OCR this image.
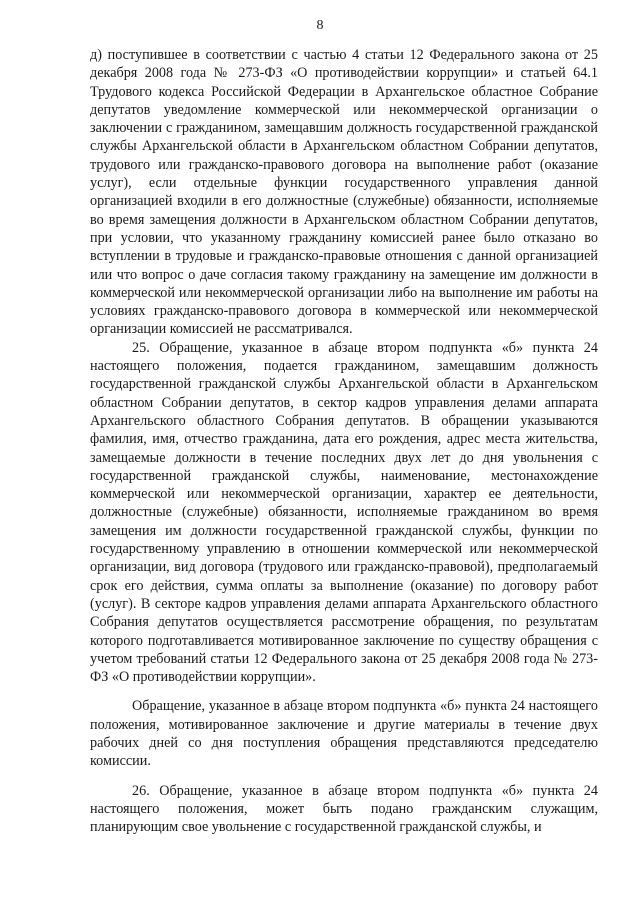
8

д) поступившее в соответствии с частью 4 статьи 12 Федерального закона от 25 декабря 2008 года № 273-ФЗ «О противодействии коррупции» и статьей 64.1 Трудового кодекса Российской Федерации в Архангельское областное Собрание депутатов уведомление коммерческой или некоммерческой организации о заключении с гражданином, замещавшим должность государственной гражданской службы Архангельской области в Архангельском областном Собрании депутатов, трудового или гражданско-правового договора на выполнение работ (оказание услуг), если отдельные функции государственного управления данной организацией входили в его должностные (служебные) обязанности, исполняемые во время замещения должности в Архангельском областном Собрании депутатов, при условии, что указанному гражданину комиссией ранее было отказано во вступлении в трудовые и гражданско-правовые отношения с данной организацией или что вопрос о даче согласия такому гражданину на замещение им должности в коммерческой или некоммерческой организации либо на выполнение им работы на условиях гражданско-правового договора в коммерческой или некоммерческой организации комиссией не рассматривался.

25. Обращение, указанное в абзаце втором подпункта «б» пункта 24 настоящего положения, подается гражданином, замещавшим должность государственной гражданской службы Архангельской области в Архангельском областном Собрании депутатов, в сектор кадров управления делами аппарата Архангельского областного Собрания депутатов. В обращении указываются фамилия, имя, отчество гражданина, дата его рождения, адрес места жительства, замещаемые должности в течение последних двух лет до дня увольнения с государственной гражданской службы, наименование, местонахождение коммерческой или некоммерческой организации, характер ее деятельности, должностные (служебные) обязанности, исполняемые гражданином во время замещения им должности государственной гражданской службы, функции по государственному управлению в отношении коммерческой или некоммерческой организации, вид договора (трудового или гражданско-правовой), предполагаемый срок его действия, сумма оплаты за выполнение (оказание) по договору работ (услуг). В секторе кадров управления делами аппарата Архангельского областного Собрания депутатов осуществляется рассмотрение обращения, по результатам которого подготавливается мотивированное заключение по существу обращения с учетом требований статьи 12 Федерального закона от 25 декабря 2008 года № 273-ФЗ «О противодействии коррупции».

Обращение, указанное в абзаце втором подпункта «б» пункта 24 настоящего положения, мотивированное заключение и другие материалы в течение двух рабочих дней со дня поступления обращения представляются председателю комиссии.

26. Обращение, указанное в абзаце втором подпункта «б» пункта 24 настоящего положения, может быть подано гражданским служащим, планирующим свое увольнение с государственной гражданской службы, и
